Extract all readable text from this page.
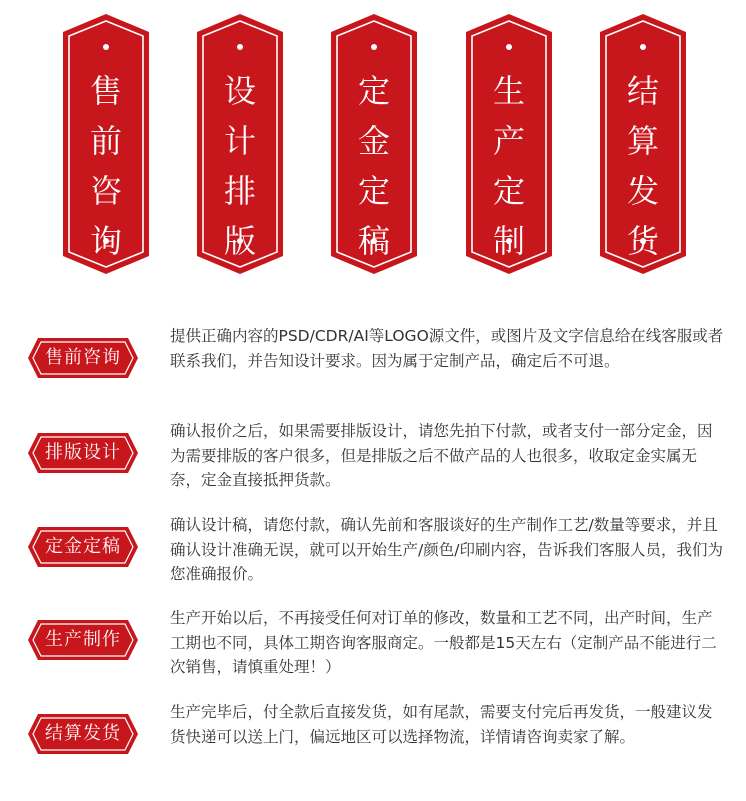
售
前
咨
询
设
计
排
版
定
金
定
稿
生
产
定
制
结
算
发
货
售前咨询
提供正确内容的PSD/CDR/AI等LOGO源文件，或图片及文字信息给在线客服或者联系我们，并告知设计要求。因为属于定制产品，确定后不可退。
排版设计
确认报价之后，如果需要排版设计，请您先拍下付款，或者支付一部分定金，因为需要排版的客户很多，但是排版之后不做产品的人也很多，收取定金实属无奈，定金直接抵押货款。
定金定稿
确认设计稿，请您付款，确认先前和客服谈好的生产制作工艺/数量等要求，并且确认设计准确无误，就可以开始生产/颜色/印刷内容，告诉我们客服人员，我们为您准确报价。
生产制作
生产开始以后，不再接受任何对订单的修改，数量和工艺不同，出产时间，生产工期也不同，具体工期咨询客服商定。一般都是15天左右（定制产品不能进行二次销售，请慎重处理！）
结算发货
生产完毕后，付全款后直接发货，如有尾款，需要支付完后再发货，一般建议发货快递可以送上门，偏远地区可以选择物流，详情请咨询卖家了解。
